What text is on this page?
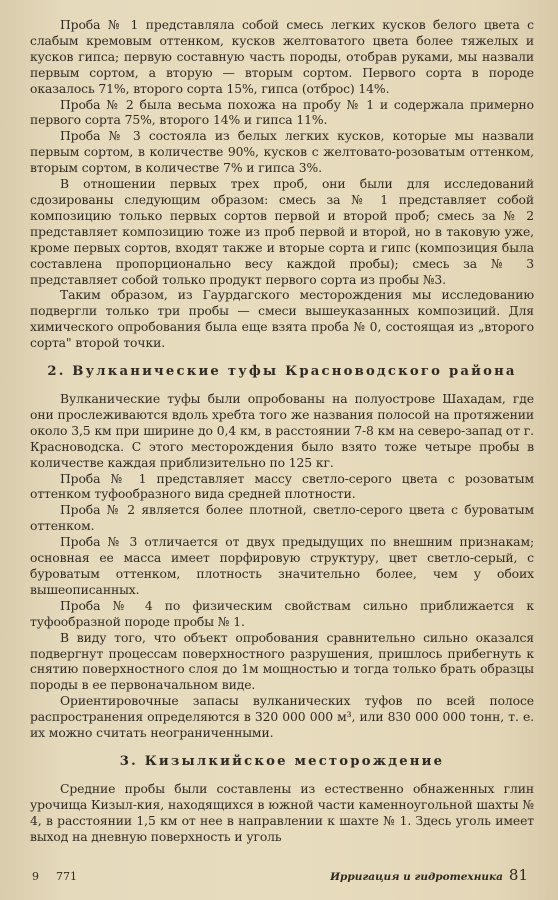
Проба № 1 представляла собой смесь легких кусков белого цвета с слабым кремовым оттенком, кусков желтоватого цвета более тяжелых и кусков гипса; первую составную часть породы, отобрав руками, мы назвали первым сортом, а вторую — вторым сортом. Первого сорта в породе оказалось 71%, второго сорта 15%, гипса (отброс) 14%.

Проба № 2 была весьма похожа на пробу № 1 и содержала примерно первого сорта 75%, второго 14% и гипса 11%.

Проба № 3 состояла из белых легких кусков, которые мы назвали первым сортом, в количестве 90%, кусков с желтовато-розоватым оттенком, вторым сортом, в количестве 7% и гипса 3%.

В отношении первых трех проб, они были для исследований сдозированы следующим образом: смесь за № 1 представляет собой композицию только первых сортов первой и второй проб; смесь за № 2 представляет композицию тоже из проб первой и второй, но в таковую уже, кроме первых сортов, входят также и вторые сорта и гипс (композиция была составлена пропорционально весу каждой пробы); смесь за № 3 представляет собой только продукт первого сорта из пробы №3.

Таким образом, из Гаурдагского месторождения мы исследованию подвергли только три пробы — смеси вышеуказанных композиций. Для химического опробования была еще взята проба № 0, состоящая из „второго сорта" второй точки.

2. Вулканические туфы Красноводского района

Вулканические туфы были опробованы на полуострове Шахадам, где они прослеживаются вдоль хребта того же названия полосой на протяжении около 3,5 км при ширине до 0,4 км, в расстоянии 7-8 км на северо-запад от г. Красноводска. С этого месторождения было взято тоже четыре пробы в количестве каждая приблизительно по 125 кг.

Проба № 1 представляет массу светло-серого цвета с розоватым оттенком туфообразного вида средней плотности.

Проба № 2 является более плотной, светло-серого цвета с буроватым оттенком.

Проба № 3 отличается от двух предыдущих по внешним признакам; основная ее масса имеет порфировую структуру, цвет светло-серый, с буроватым оттенком, плотность значительно более, чем у обоих вышеописанных.

Проба № 4 по физическим свойствам сильно приближается к туфообразной породе пробы № 1.

В виду того, что объект опробования сравнительно сильно оказался подвергнут процессам поверхностного разрушения, пришлось прибегнуть к снятию поверхностного слоя до 1м мощностью и тогда только брать образцы породы в ее первоначальном виде.

Ориентировочные запасы вулканических туфов по всей полосе распространения определяются в 320 000 000 м³, или 830 000 000 тонн, т. е. их можно считать неограниченными.

3. Кизылкийское месторождение

Средние пробы были составлены из естественно обнаженных глин урочища Кизыл-кия, находящихся в южной части каменноугольной шахты № 4, в расстоянии 1,5 км от нее в направлении к шахте № 1. Здесь уголь имеет выход на дневную поверхность и уголь

9	771	Ирригация и гидротехника 81
